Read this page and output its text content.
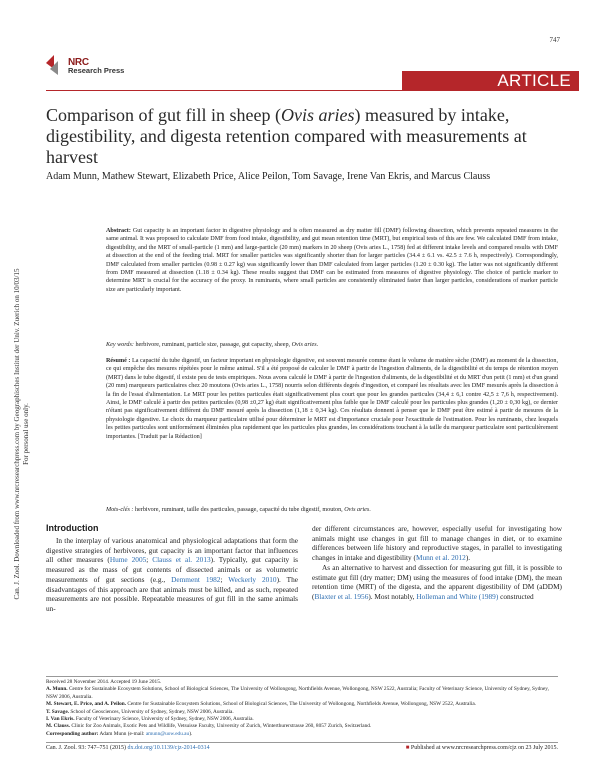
747
NRC
Research Press
ARTICLE
Comparison of gut fill in sheep (Ovis aries) measured by intake, digestibility, and digesta retention compared with measurements at harvest
Adam Munn, Mathew Stewart, Elizabeth Price, Alice Peilon, Tom Savage, Irene Van Ekris, and Marcus Clauss
Abstract: Gut capacity is an important factor in digestive physiology and is often measured as dry matter fill (DMF) following dissection, which prevents repeated measures in the same animal. It was proposed to calculate DMF from food intake, digestibility, and gut mean retention time (MRT), but empirical tests of this are few. We calculated DMF from intake, digestibility, and the MRT of small-particle (1 mm) and large-particle (20 mm) markers in 20 sheep (Ovis aries L., 1758) fed at different intake levels and compared results with DMF at dissection at the end of the feeding trial. MRT for smaller particles was significantly shorter than for larger particles (34.4 ± 6.1 vs. 42.5 ± 7.6 h, respectively). Correspondingly, DMF calculated from smaller particles (0.98 ± 0.27 kg) was significantly lower than DMF calculated from larger particles (1.20 ± 0.30 kg). The latter was not significantly different from DMF measured at dissection (1.18 ± 0.34 kg). These results suggest that DMF can be estimated from measures of digestive physiology. The choice of particle marker to determine MRT is crucial for the accuracy of the proxy. In ruminants, where small particles are consistently eliminated faster than larger particles, considerations of marker particle size are particularly important.
Key words: herbivore, ruminant, particle size, passage, gut capacity, sheep, Ovis aries.
Résumé : La capacité du tube digestif, un facteur important en physiologie digestive, est souvent mesurée comme étant le volume de matière sèche (DMF) au moment de la dissection, ce qui empêche des mesures répétées pour le même animal. S'il a été proposé de calculer le DMF à partir de l'ingestion d'aliments, de la digestibilité et du temps de rétention moyen (MRT) dans le tube digestif, il existe peu de tests empiriques. Nous avons calculé le DMF à partir de l'ingestion d'aliments, de la digestibilité et du MRT d'un petit (1 mm) et d'un grand (20 mm) marqueurs particulaires chez 20 moutons (Ovis aries L., 1758) nourris selon différents degrés d'ingestion, et comparé les résultats avec les DMF mesurés après la dissection à la fin de l'essai d'alimentation. Le MRT pour les petites particules était significativement plus court que pour les grandes particules (34,4 ± 6,1 contre 42,5 ± 7,6 h, respectivement). Ainsi, le DMF calculé à partir des petites particules (0,98 ±0,27 kg) était significativement plus faible que le DMF calculé pour les particules plus grandes (1,20 ± 0,30 kg), ce dernier n'étant pas significativement différent du DMF mesuré après la dissection (1,18 ± 0,34 kg). Ces résultats donnent à penser que le DMF peut être estimé à partir de mesures de la physiologie digestive. Le choix du marqueur particulaire utilisé pour déterminer le MRT est d'importance cruciale pour l'exactitude de l'estimation. Pour les ruminants, chez lesquels les petites particules sont uniformément éliminées plus rapidement que les particules plus grandes, les considérations touchant à la taille du marqueur particulaire sont particulièrement importantes. [Traduit par la Rédaction]
Mots-clés : herbivore, ruminant, taille des particules, passage, capacité du tube digestif, mouton, Ovis aries.
Introduction
In the interplay of various anatomical and physiological adaptations that form the digestive strategies of herbivores, gut capacity is an important factor that influences all other measures (Hume 2005; Clauss et al. 2013). Typically, gut capacity is measured as the mass of gut contents of dissected animals or as volumetric measurements of gut sections (e.g., Demment 1982; Weckerly 2010). The disadvantages of this approach are that animals must be killed, and as such, repeated measurements are not possible. Repeatable measures of gut fill in the same animals un-
der different circumstances are, however, especially useful for investigating how animals might use changes in gut fill to manage changes in diet, or to examine differences between life history and reproductive stages, in parallel to investigating changes in intake and digestibility (Munn et al. 2012).
As an alternative to harvest and dissection for measuring gut fill, it is possible to estimate gut fill (dry matter; DM) using the measures of food intake (DM), the mean retention time (MRT) of the digesta, and the apparent digestibility of DM (aDDM) (Blaxter et al. 1956). Most notably, Holleman and White (1989) constructed
Received 28 November 2014. Accepted 19 June 2015.
A. Munn. Centre for Sustainable Ecosystem Solutions, School of Biological Sciences, The University of Wollongong, Northfields Avenue, Wollongong, NSW 2522, Australia; Faculty of Veterinary Science, University of Sydney, Sydney, NSW 2006, Australia.
M. Stewart, E. Price, and A. Peilon. Centre for Sustainable Ecosystem Solutions, School of Biological Sciences, The University of Wollongong, Northfields Avenue, Wollongong, NSW 2522, Australia.
T. Savage. School of Geosciences, University of Sydney, Sydney, NSW 2006, Australia.
I. Van Ekris. Faculty of Veterinary Science, University of Sydney, Sydney, NSW 2006, Australia.
M. Clauss. Clinic for Zoo Animals, Exotic Pets and Wildlife, Vetsuisse Faculty, University of Zurich, Winterthurerstrasse 260, 8057 Zurich, Switzerland.
Corresponding author: Adam Munn (e-mail: amunn@uow.edu.au).
Can. J. Zool. 93: 747–751 (2015) dx.doi.org/10.1139/cjz-2014-0314	■ Published at www.nrcresearchpress.com/cjz on 23 July 2015.
Can. J. Zool. Downloaded from www.nrcresearchpress.com by Geographisches Institut der Univ. Zuerich on 10/03/15 For personal use only.
